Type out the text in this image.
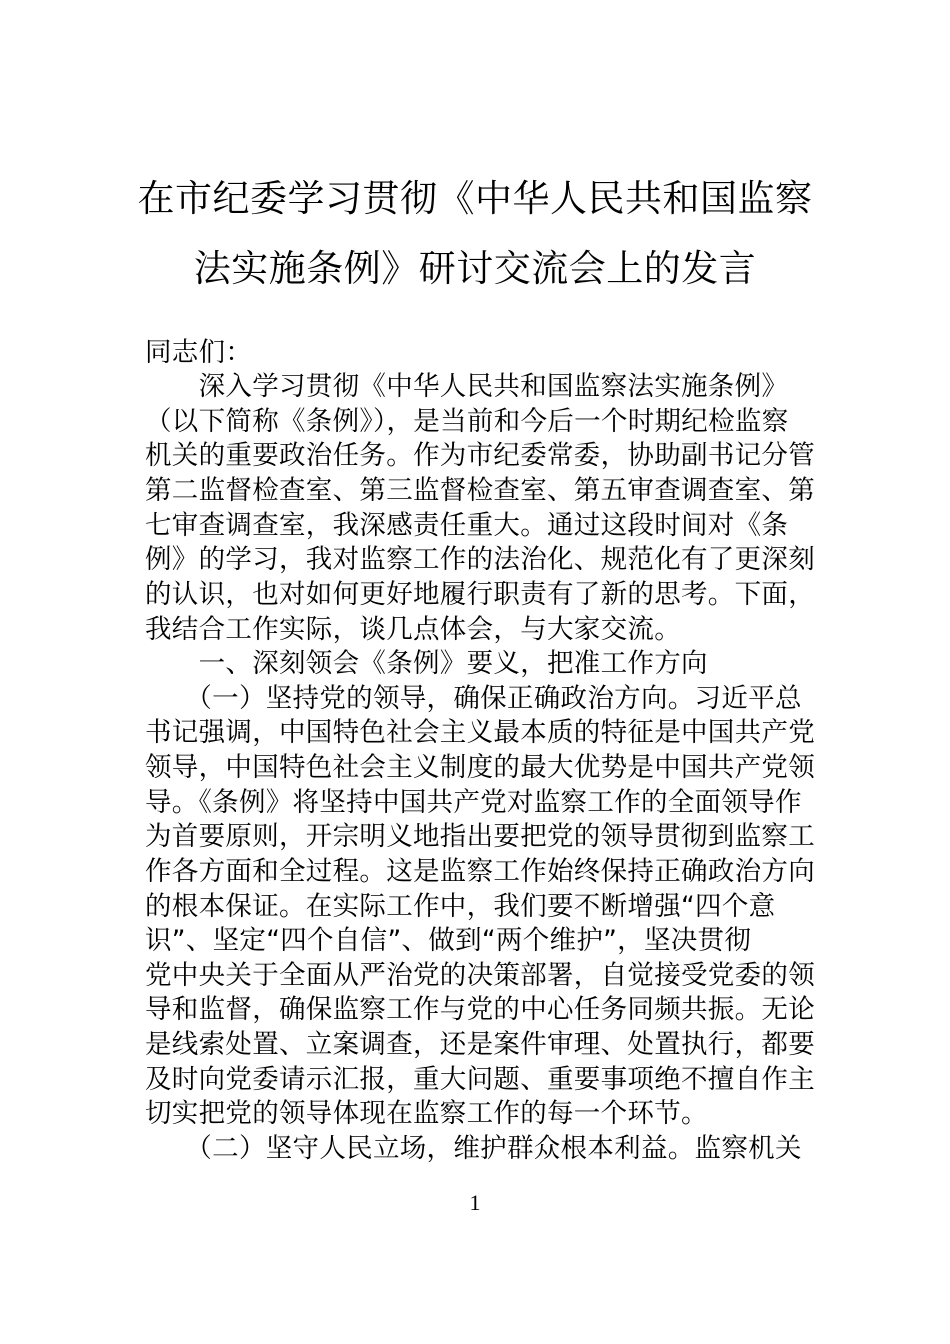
在市纪委学习贯彻《中华人民共和国监察
法实施条例》研讨交流会上的发言
同志们：
　　深入学习贯彻《中华人民共和国监察法实施条例》
（以下简称《条例》），是当前和今后一个时期纪检监察
机关的重要政治任务。作为市纪委常委，协助副书记分管
第二监督检查室、第三监督检查室、第五审查调查室、第
七审查调查室，我深感责任重大。通过这段时间对《条
例》的学习，我对监察工作的法治化、规范化有了更深刻
的认识，也对如何更好地履行职责有了新的思考。下面，
我结合工作实际，谈几点体会，与大家交流。
　　一、深刻领会《条例》要义，把准工作方向
　　（一）坚持党的领导，确保正确政治方向。习近平总
书记强调，中国特色社会主义最本质的特征是中国共产党
领导，中国特色社会主义制度的最大优势是中国共产党领
导。《条例》将坚持中国共产党对监察工作的全面领导作
为首要原则，开宗明义地指出要把党的领导贯彻到监察工
作各方面和全过程。这是监察工作始终保持正确政治方向
的根本保证。在实际工作中，我们要不断增强“四个意
识”、坚定“四个自信”、做到“两个维护”，坚决贯彻
党中央关于全面从严治党的决策部署，自觉接受党委的领
导和监督，确保监察工作与党的中心任务同频共振。无论
是线索处置、立案调查，还是案件审理、处置执行，都要
及时向党委请示汇报，重大问题、重要事项绝不擅自作主
切实把党的领导体现在监察工作的每一个环节。
　　（二）坚守人民立场，维护群众根本利益。监察机关
1
